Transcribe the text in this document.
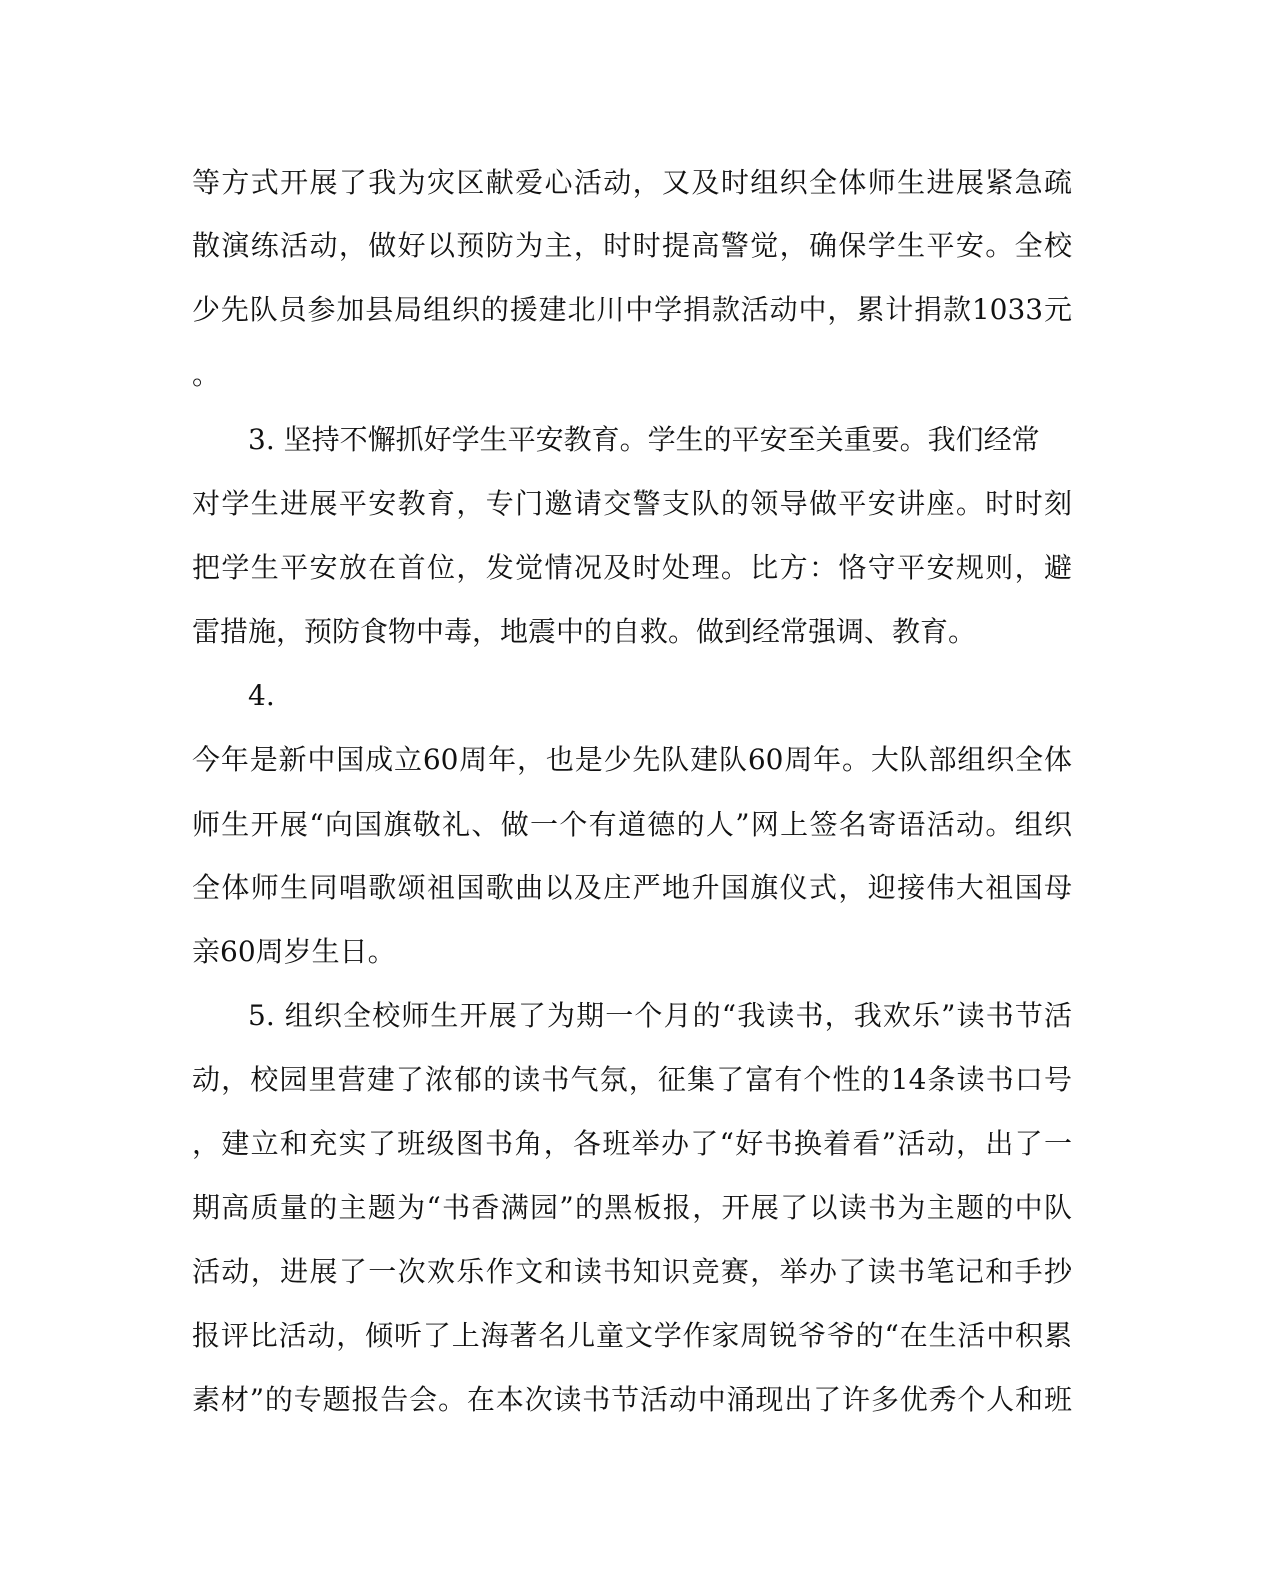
等方式开展了我为灾区献爱心活动，又及时组织全体师生进展紧急疏
散演练活动，做好以预防为主，时时提高警觉，确保学生平安。全校
少先队员参加县局组织的援建北川中学捐款活动中，累计捐款1033元
。
3. 坚持不懈抓好学生平安教育。学生的平安至关重要。我们经常
对学生进展平安教育，专门邀请交警支队的领导做平安讲座。时时刻
把学生平安放在首位，发觉情况及时处理。比方：恪守平安规则，避
雷措施，预防食物中毒，地震中的自救。做到经常强调、教育。
4.
今年是新中国成立60周年，也是少先队建队60周年。大队部组织全体
师生开展“向国旗敬礼、做一个有道德的人”网上签名寄语活动。组织
全体师生同唱歌颂祖国歌曲以及庄严地升国旗仪式，迎接伟大祖国母
亲60周岁生日。
5. 组织全校师生开展了为期一个月的“我读书，我欢乐”读书节活
动，校园里营建了浓郁的读书气氛，征集了富有个性的14条读书口号
，建立和充实了班级图书角，各班举办了“好书换着看”活动，出了一
期高质量的主题为“书香满园”的黑板报，开展了以读书为主题的中队
活动，进展了一次欢乐作文和读书知识竞赛，举办了读书笔记和手抄
报评比活动，倾听了上海著名儿童文学作家周锐爷爷的“在生活中积累
素材”的专题报告会。在本次读书节活动中涌现出了许多优秀个人和班
